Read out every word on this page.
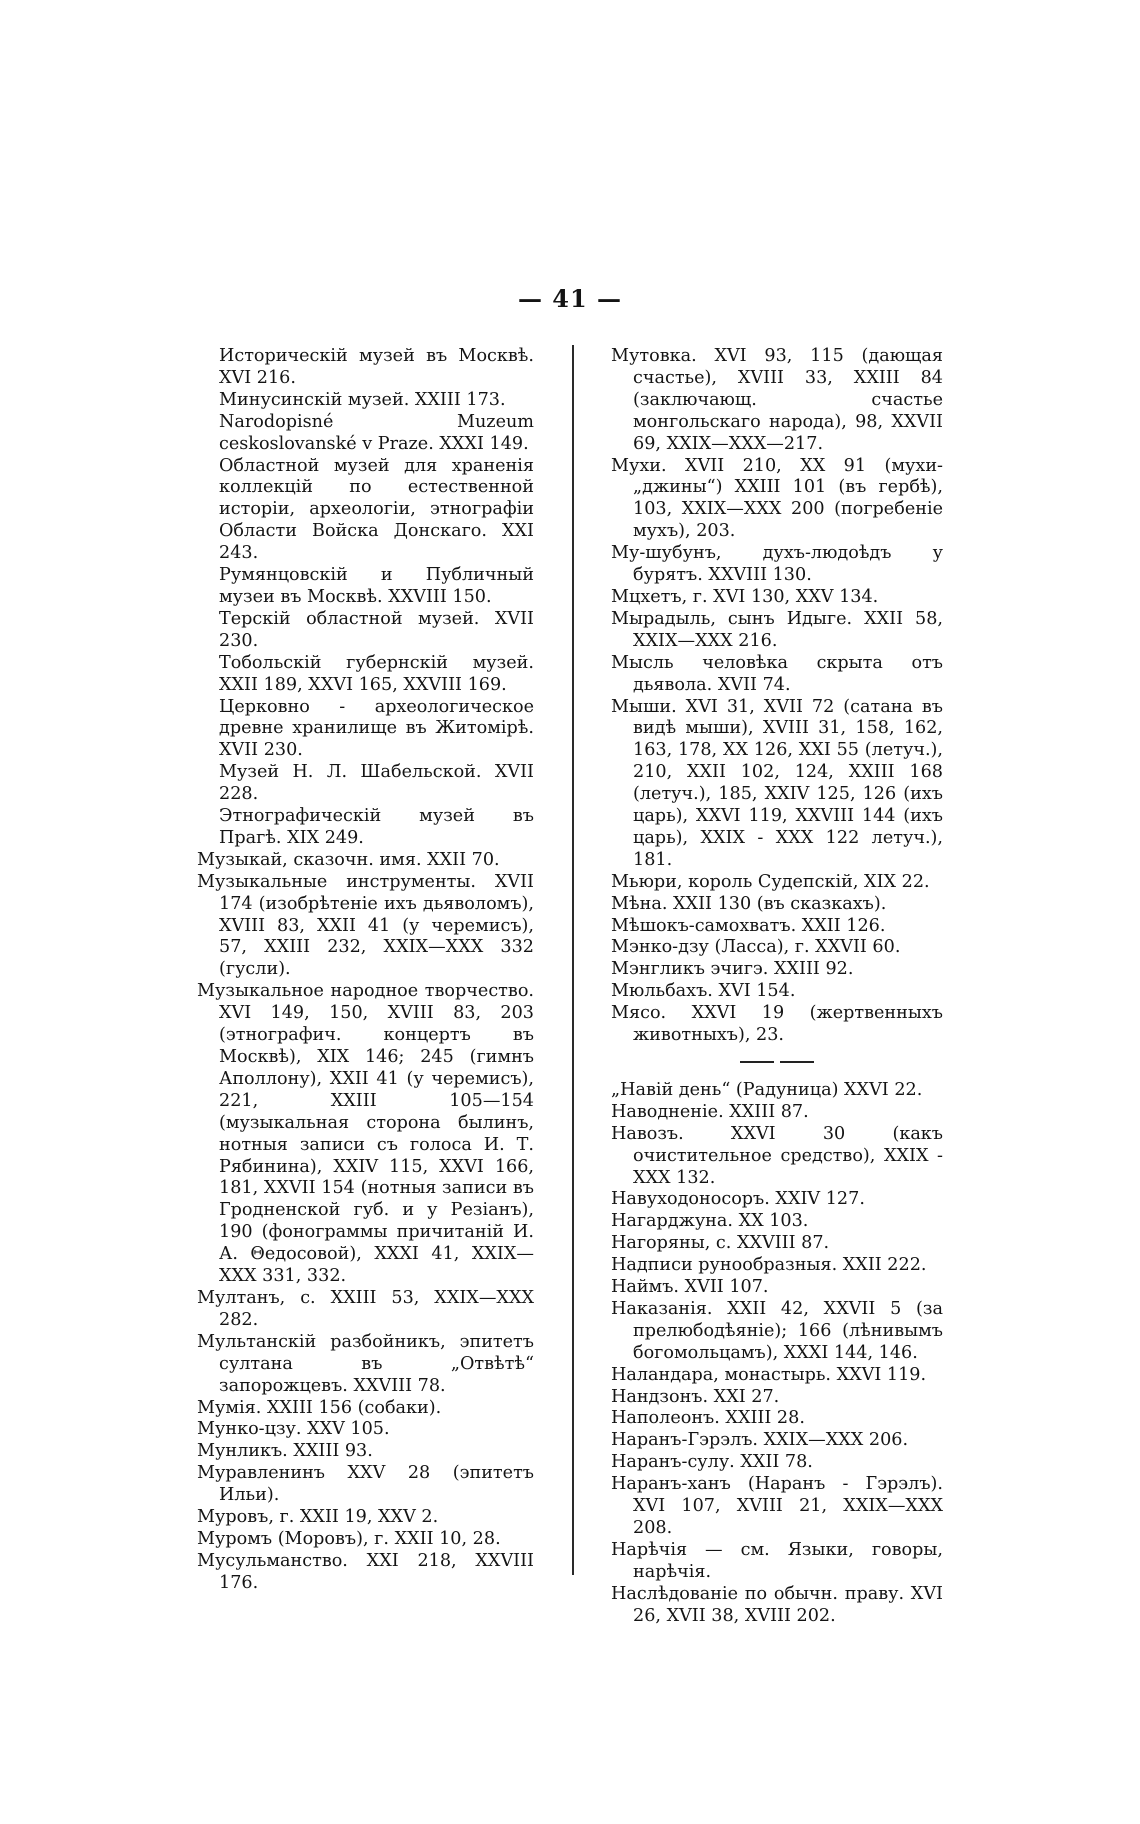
— 41 —

Историческій музей въ Москвѣ. XVI 216.

Минусинскій музей. XXIII 173.

Narodopisné Muzeum ceskoslovanské v Praze. XXXI 149.

Областной музей для храненія коллекцій по естественной исторіи, археологіи, этнографіи Области Войска Донскаго. XXI 243.

Румянцовскій и Публичный музеи въ Москвѣ. XXVIII 150.

Терскій областной музей. XVII 230.

Тобольскій губернскій музей. XXII 189, XXVI 165, XXVIII 169.

Церковно - археологическое древне хранилище въ Житомірѣ. XVII 230.

Музей Н. Л. Шабельской. XVII 228.

Этнографическій музей въ Прагѣ. XIX 249.

Музыкай, сказочн. имя. XXII 70.

Музыкальные инструменты. XVII 174 (изобрѣтеніе ихъ дьяволомъ), XVIII 83, XXII 41 (у черемисъ), 57, XXIII 232, XXIX—XXX 332 (гусли).

Музыкальное народное творчество. XVI 149, 150, XVIII 83, 203 (этнографич. концертъ въ Москвѣ), XIX 146; 245 (гимнъ Аполлону), XXII 41 (у черемисъ), 221, XXIII 105—154 (музыкальная сторона былинъ, нотныя записи съ голоса И. Т. Рябинина), XXIV 115, XXVI 166, 181, XXVII 154 (нотныя записи въ Гродненской губ. и у Резіанъ), 190 (фонограммы причитаній И. А. Θедосовой), XXXI 41, XXIX—XXX 331, 332.

Мултанъ, с. XXIII 53, XXIX—XXX 282.

Мультанскій разбойникъ, эпитетъ султана въ „Отвѣтѣ“ запорожцевъ. XXVIII 78.

Мумія. XXIII 156 (собаки).

Мунко-цзу. XXV 105.

Мунликъ. XXIII 93.

Муравленинъ XXV 28 (эпитетъ Ильи).

Муровъ, г. XXII 19, XXV 2.

Муромъ (Моровъ), г. XXII 10, 28.

Мусульманство. XXI 218, XXVIII 176.

Мутовка. XVI 93, 115 (дающая счастье), XVIII 33, XXIII 84 (заключающ. счастье монгольскаго народа), 98, XXVII 69, XXIX—XXX—217.

Мухи. XVII 210, XX 91 (мухи-„джины“) XXIII 101 (въ гербѣ), 103, XXIX—XXX 200 (погребеніе мухъ), 203.

Му-шубунъ, духъ-людоѣдъ у бурятъ. XXVIII 130.

Мцхетъ, г. XVI 130, XXV 134.

Мырадыль, сынъ Идыге. XXII 58, XXIX—XXX 216.

Мысль человѣка скрыта отъ дьявола. XVII 74.

Мыши. XVI 31, XVII 72 (сатана въ видѣ мыши), XVIII 31, 158, 162, 163, 178, XX 126, XXI 55 (летуч.), 210, XXII 102, 124, XXIII 168 (летуч.), 185, XXIV 125, 126 (ихъ царь), XXVI 119, XXVIII 144 (ихъ царь), XXIX - XXX 122 летуч.), 181.

Мьюри, король Судепскій, XIX 22.

Мѣна. XXII 130 (въ сказкахъ).

Мѣшокъ-самохватъ. XXII 126.

Мэнко-дзу (Ласса), г. XXVII 60.

Мэнгликъ эчигэ. XXIII 92.

Мюльбахъ. XVI 154.

Мясо. XXVI 19 (жертвенныхъ животныхъ), 23.

„Навій день“ (Радуница) XXVI 22.

Наводненіе. XXIII 87.

Навозъ. XXVI 30 (какъ очистительное средство), XXIX - XXX 132.

Навуходоносоръ. XXIV 127.

Нагарджуна. XX 103.

Нагоряны, с. XXVIII 87.

Надписи рунообразныя. XXII 222.

Наймъ. XVII 107.

Наказанія. XXII 42, XXVII 5 (за прелюбодѣяніе); 166 (лѣнивымъ богомольцамъ), XXXI 144, 146.

Наландара, монастырь. XXVI 119.

Нандзонъ. XXI 27.

Наполеонъ. XXIII 28.

Наранъ-Гэрэлъ. XXIX—XXX 206.

Наранъ-сулу. XXII 78.

Наранъ-ханъ (Наранъ - Гэрэлъ). XVI 107, XVIII 21, XXIX—XXX 208.

Нарѣчія — см. Языки, говоры, нарѣчія.

Наслѣдованіе по обычн. праву. XVI 26, XVII 38, XVIII 202.
